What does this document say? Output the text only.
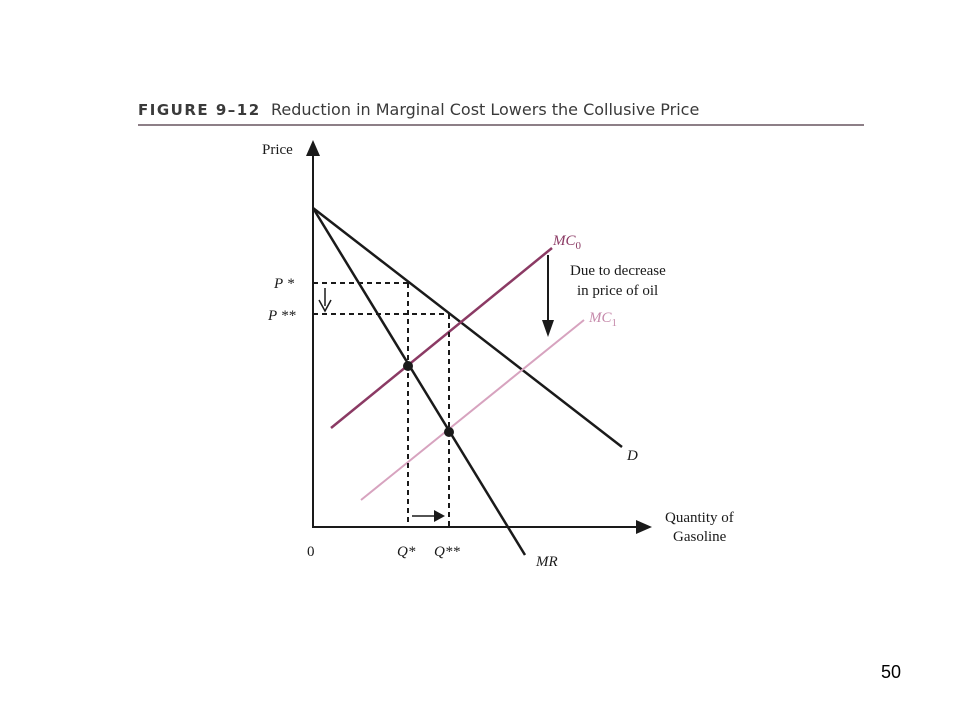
FIGURE 9–12 Reduction in Marginal Cost Lowers the Collusive Price
Price
Quantity of
Gasoline
0
D
MR
$MC_0$
$MC_1$
Due to decrease
in price of oil
P *
P **
Q* Q**
50
